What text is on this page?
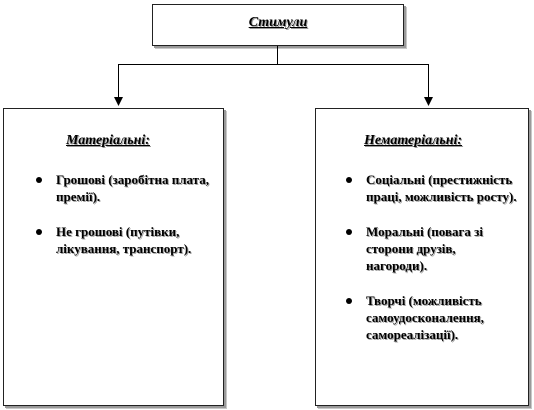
Стимули
Матеріальні:
Грошові (заробітна плата, премії).
Не грошові (путівки, лікування, транспорт).
Нематеріальні:
Соціальні (престижність праці, можливість росту).
Моральні (повага зі сторони друзів, нагороди).
Творчі (можливість самоудосконалення, самореалізації).
